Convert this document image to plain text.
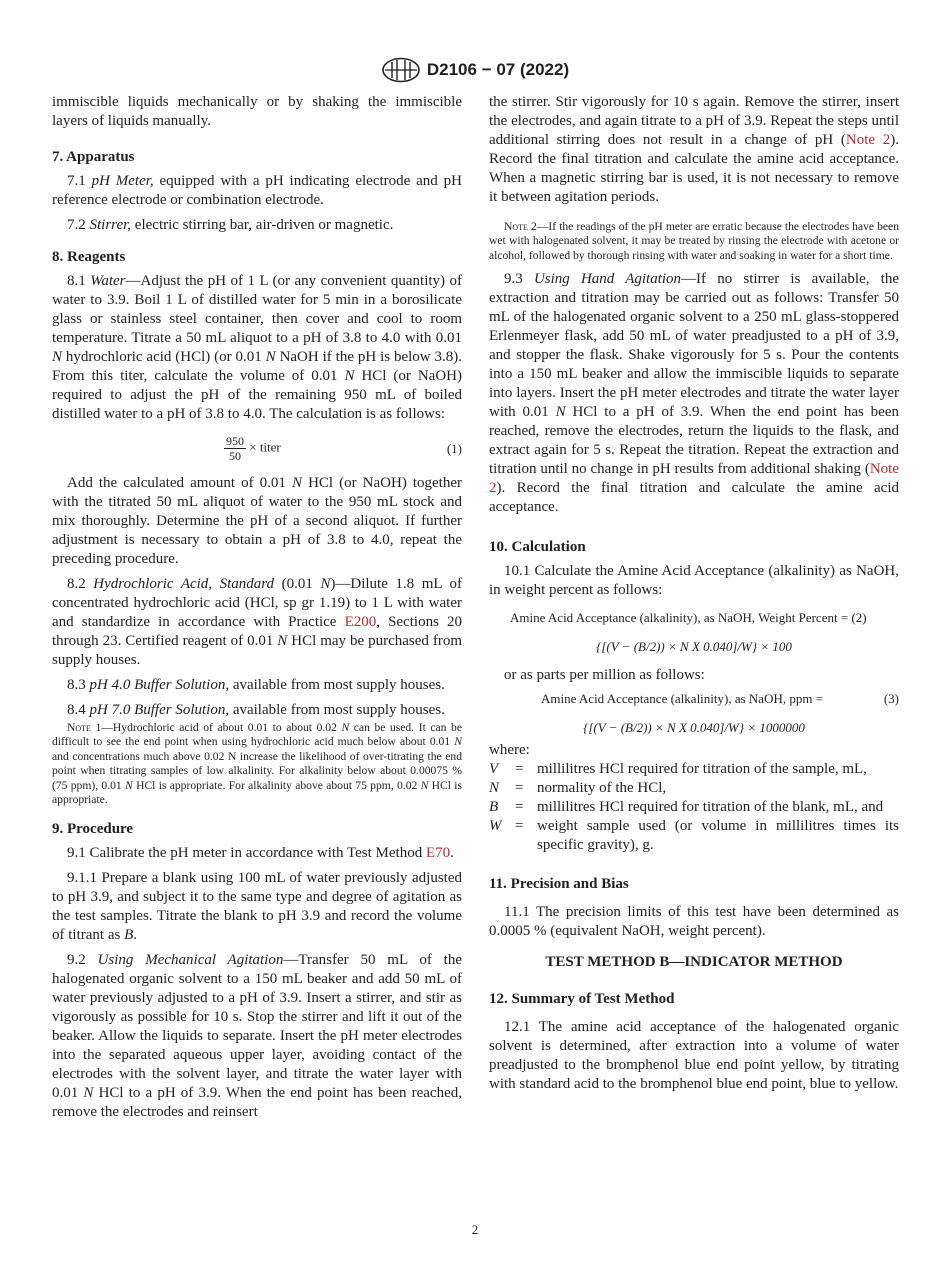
D2106 − 07 (2022)

immiscible liquids mechanically or by shaking the immiscible layers of liquids manually.

7. Apparatus

7.1 pH Meter, equipped with a pH indicating electrode and pH reference electrode or combination electrode.

7.2 Stirrer, electric stirring bar, air-driven or magnetic.

8. Reagents

8.1 Water—Adjust the pH of 1 L (or any convenient quantity) of water to 3.9. Boil 1 L of distilled water for 5 min in a borosilicate glass or stainless steel container, then cover and cool to room temperature. Titrate a 50 mL aliquot to a pH of 3.8 to 4.0 with 0.01 N hydrochloric acid (HCl) (or 0.01 N NaOH if the pH is below 3.8). From this titer, calculate the volume of 0.01 N HCl (or NaOH) required to adjust the pH of the remaining 950 mL of boiled distilled water to a pH of 3.8 to 4.0. The calculation is as follows:

$\frac{950}{50}$ × titer	(1)

Add the calculated amount of 0.01 N HCl (or NaOH) together with the titrated 50 mL aliquot of water to the 950 mL stock and mix thoroughly. Determine the pH of a second aliquot. If further adjustment is necessary to obtain a pH of 3.8 to 4.0, repeat the preceding procedure.

8.2 Hydrochloric Acid, Standard (0.01 N)—Dilute 1.8 mL of concentrated hydrochloric acid (HCl, sp gr 1.19) to 1 L with water and standardize in accordance with Practice E200, Sections 20 through 23. Certified reagent of 0.01 N HCl may be purchased from supply houses.

8.3 pH 4.0 Buffer Solution, available from most supply houses.

8.4 pH 7.0 Buffer Solution, available from most supply houses.

Note 1—Hydrochloric acid of about 0.01 to about 0.02 N can be used. It can be difficult to see the end point when using hydrochloric acid much below about 0.01 N and concentrations much above 0.02 N increase the likelihood of over-titrating the end point when titrating samples of low alkalinity. For alkalinity below about 0.00075 % (75 ppm), 0.01 N HCl is appropriate. For alkalinity above about 75 ppm, 0.02 N HCl is appropriate.

9. Procedure

9.1 Calibrate the pH meter in accordance with Test Method E70.

9.1.1 Prepare a blank using 100 mL of water previously adjusted to pH 3.9, and subject it to the same type and degree of agitation as the test samples. Titrate the blank to pH 3.9 and record the volume of titrant as B.

9.2 Using Mechanical Agitation—Transfer 50 mL of the halogenated organic solvent to a 150 mL beaker and add 50 mL of water previously adjusted to a pH of 3.9. Insert a stirrer, and stir as vigorously as possible for 10 s. Stop the stirrer and lift it out of the beaker. Allow the liquids to separate. Insert the pH meter electrodes into the separated aqueous upper layer, avoiding contact of the electrodes with the solvent layer, and titrate the water layer with 0.01 N HCl to a pH of 3.9. When the end point has been reached, remove the electrodes and reinsert

the stirrer. Stir vigorously for 10 s again. Remove the stirrer, insert the electrodes, and again titrate to a pH of 3.9. Repeat the steps until additional stirring does not result in a change of pH (Note 2). Record the final titration and calculate the amine acid acceptance. When a magnetic stirring bar is used, it is not necessary to remove it between agitation periods.

Note 2—If the readings of the pH meter are erratic because the electrodes have been wet with halogenated solvent, it may be treated by rinsing the electrode with acetone or alcohol, followed by thorough rinsing with water and soaking in water for a short time.

9.3 Using Hand Agitation—If no stirrer is available, the extraction and titration may be carried out as follows: Transfer 50 mL of the halogenated organic solvent to a 250 mL glass-stoppered Erlenmeyer flask, add 50 mL of water preadjusted to a pH of 3.9, and stopper the flask. Shake vigorously for 5 s. Pour the contents into a 150 mL beaker and allow the immiscible liquids to separate into layers. Insert the pH meter electrodes and titrate the water layer with 0.01 N HCl to a pH of 3.9. When the end point has been reached, remove the electrodes, return the liquids to the flask, and extract again for 5 s. Repeat the titration. Repeat the extraction and titration until no change in pH results from additional shaking (Note 2). Record the final titration and calculate the amine acid acceptance.

10. Calculation

10.1 Calculate the Amine Acid Acceptance (alkalinity) as NaOH, in weight percent as follows:

Amine Acid Acceptance (alkalinity), as NaOH, Weight Percent = (2)
{[(V − (B/2)) × N X 0.040]/W} × 100

or as parts per million as follows:

Amine Acid Acceptance (alkalinity), as NaOH, ppm =	(3)
{[(V − (B/2)) × N X 0.040]/W} × 1000000

where:

V	= millilitres HCl required for titration of the sample, mL,
N	= normality of the HCl,
B	= millilitres HCl required for titration of the blank, mL, and
W = weight sample used (or volume in millilitres times its specific gravity), g.

11. Precision and Bias

11.1 The precision limits of this test have been determined as 0.0005 % (equivalent NaOH, weight percent).

TEST METHOD B—INDICATOR METHOD

12. Summary of Test Method

12.1 The amine acid acceptance of the halogenated organic solvent is determined, after extraction into a volume of water preadjusted to the bromphenol blue end point yellow, by titrating with standard acid to the bromphenol blue end point, blue to yellow.

2
